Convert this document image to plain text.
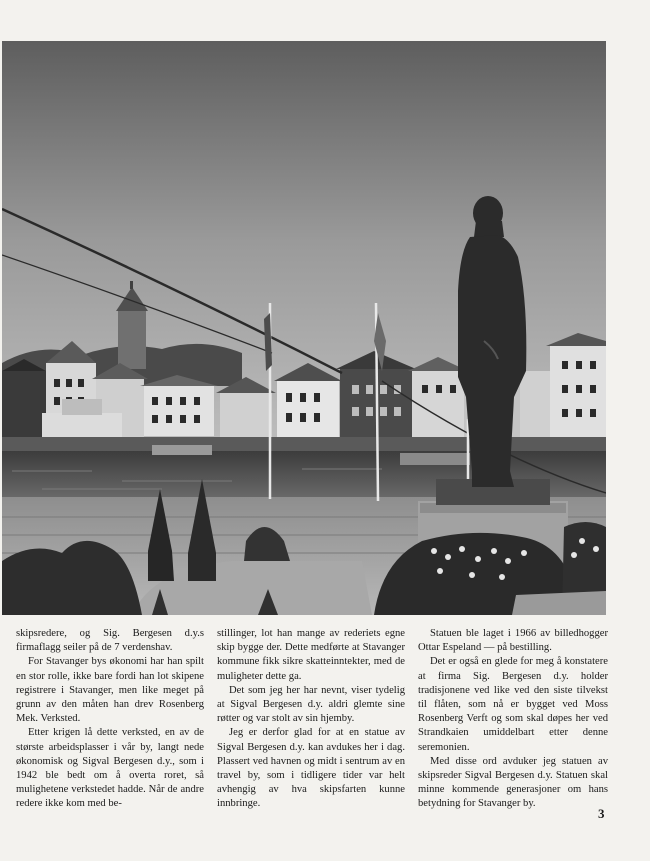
skipsredere, og Sig. Bergesen d.y.s firmaflagg seiler på de 7 verdenshav.

For Stavanger bys økonomi har han spilt en stor rolle, ikke bare fordi han lot skipene registrere i Stavanger, men like meget på grunn av den måten han drev Rosenberg Mek. Verksted.

Etter krigen lå dette verksted, en av de største arbeidsplasser i vår by, langt nede økonomisk og Sigval Bergesen d.y., som i 1942 ble bedt om å overta roret, så mulighetene verkstedet hadde. Når de andre redere ikke kom med be-

stillinger, lot han mange av rederiets egne skip bygge der. Dette medførte at Stavanger kommune fikk sikre skatteinntekter, med de muligheter dette ga.

Det som jeg her har nevnt, viser tydelig at Sigval Bergesen d.y. aldri glemte sine røtter og var stolt av sin hjemby.

Jeg er derfor glad for at en statue av Sigval Bergesen d.y. kan avdukes her i dag. Plassert ved havnen og midt i sentrum av en travel by, som i tidligere tider var helt avhengig av hva skipsfarten kunne innbringe.

Statuen ble laget i 1966 av billedhogger Ottar Espeland — på bestilling.

Det er også en glede for meg å konstatere at firma Sig. Bergesen d.y. holder tradisjonene ved like ved den siste tilvekst til flåten, som nå er bygget ved Moss Rosenberg Verft og som skal døpes her ved Strandkaien umiddelbart etter denne seremonien.

Med disse ord avduker jeg statuen av skipsreder Sigval Bergesen d.y. Statuen skal minne kommende generasjoner om hans betydning for Stavanger by.

3
